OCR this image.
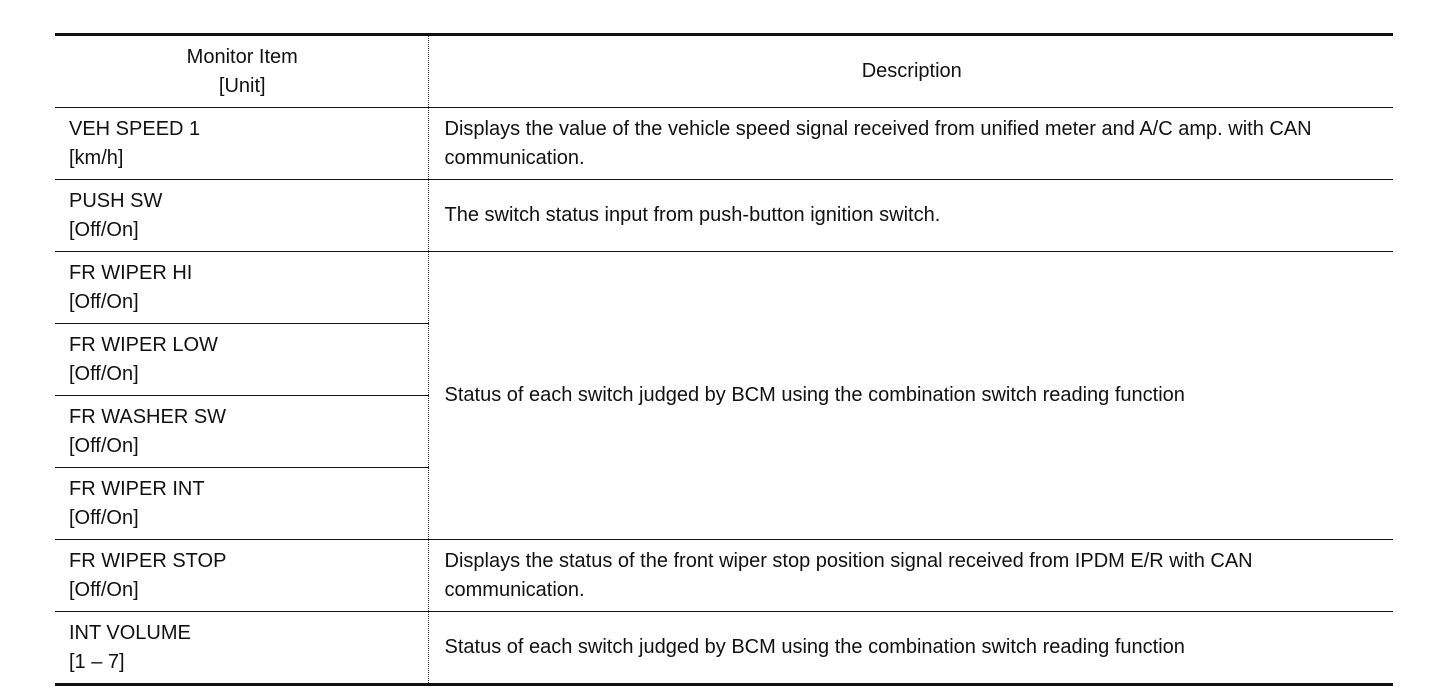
Monitor Item
[Unit]	Description

VEH SPEED 1
[km/h]	Displays the value of the vehicle speed signal received from unified meter and A/C amp. with CAN communication.

PUSH SW
[Off/On]	The switch status input from push-button ignition switch.

FR WIPER HI
[Off/On]	Status of each switch judged by BCM using the combination switch reading function

FR WIPER LOW
[Off/On]	

FR WASHER SW
[Off/On]	

FR WIPER INT
[Off/On]	

FR WIPER STOP
[Off/On]	Displays the status of the front wiper stop position signal received from IPDM E/R with CAN communication.

INT VOLUME
[1 – 7]	Status of each switch judged by BCM using the combination switch reading function
